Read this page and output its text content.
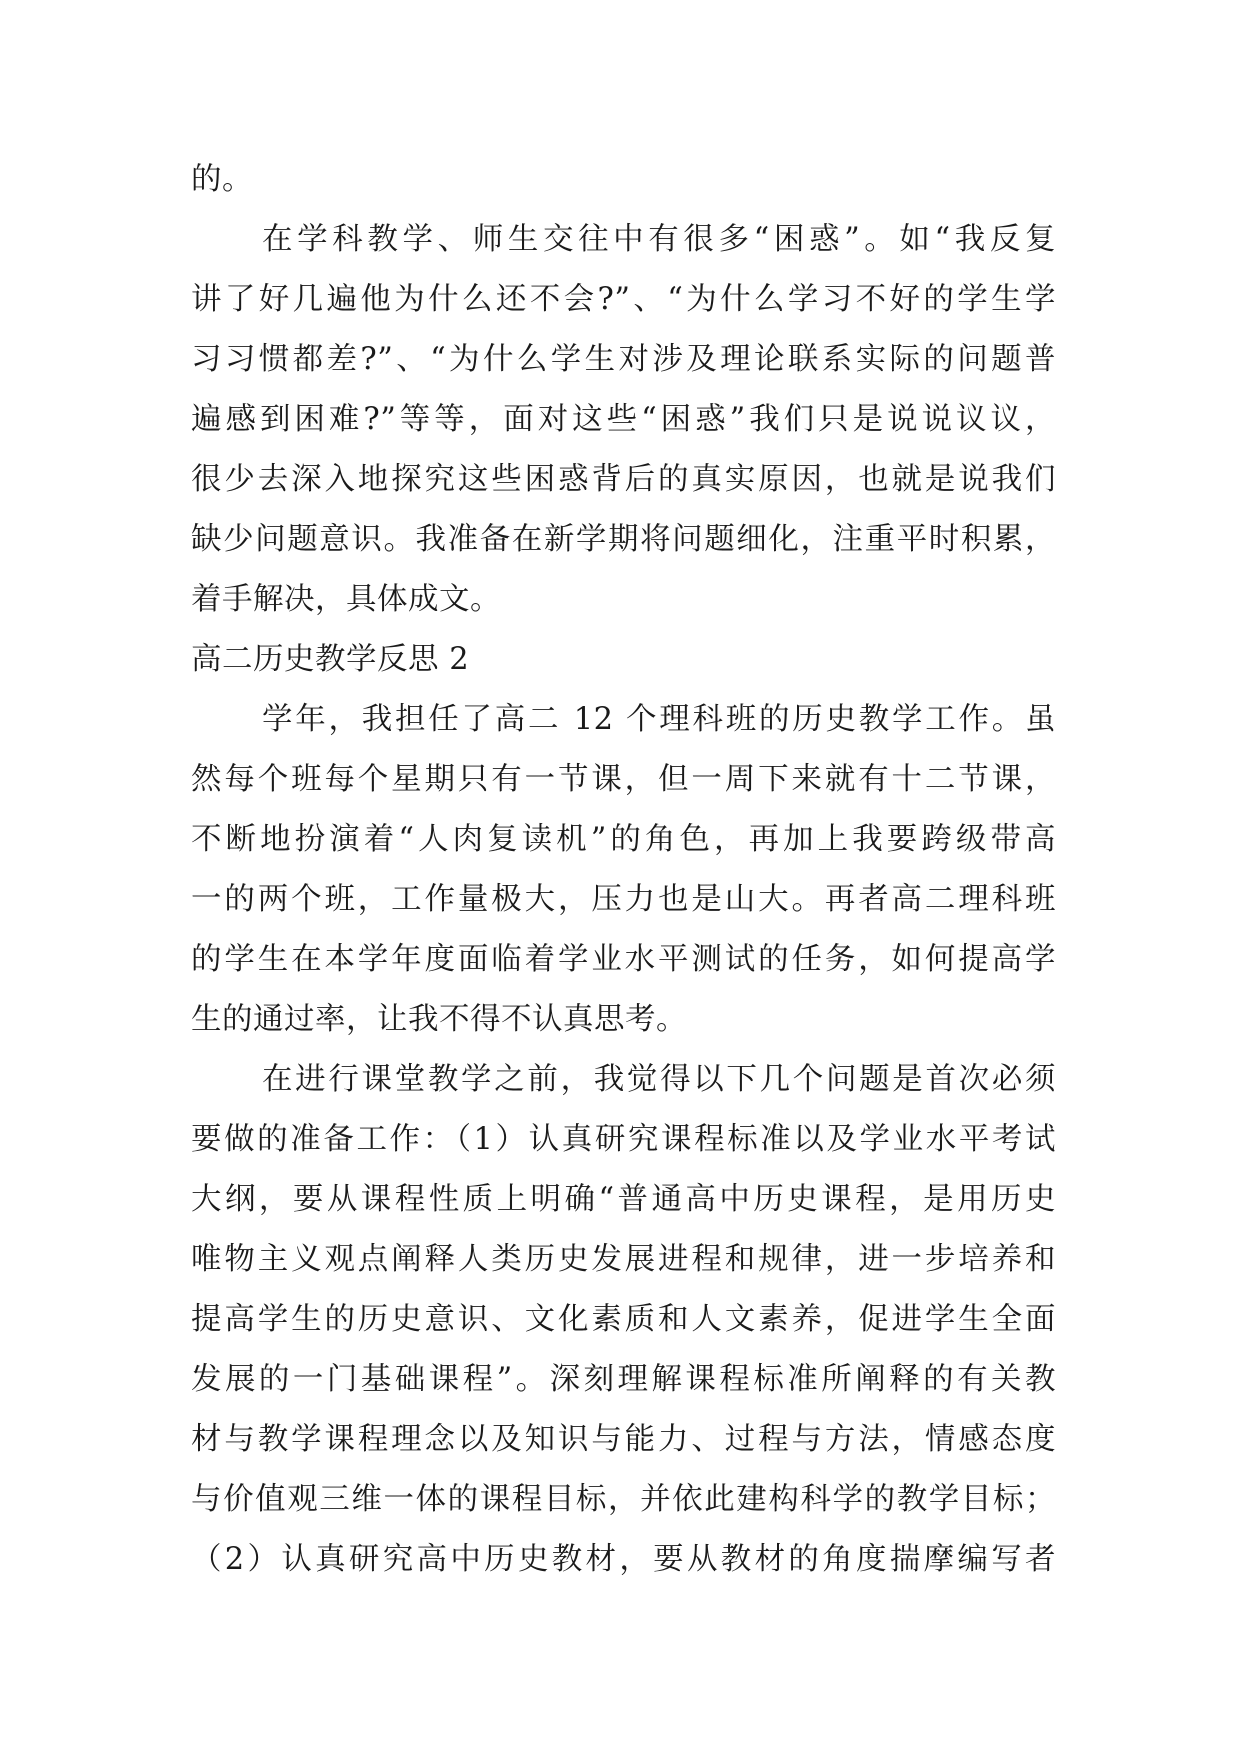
的。
在学科教学、师生交往中有很多“困惑”。如“我反复
讲了好几遍他为什么还不会?”、“为什么学习不好的学生学
习习惯都差?”、“为什么学生对涉及理论联系实际的问题普
遍感到困难?”等等，面对这些“困惑”我们只是说说议议，
很少去深入地探究这些困惑背后的真实原因，也就是说我们
缺少问题意识。我准备在新学期将问题细化，注重平时积累，
着手解决，具体成文。
高二历史教学反思 2
学年，我担任了高二 12 个理科班的历史教学工作。虽
然每个班每个星期只有一节课，但一周下来就有十二节课，
不断地扮演着“人肉复读机”的角色，再加上我要跨级带高
一的两个班，工作量极大，压力也是山大。再者高二理科班
的学生在本学年度面临着学业水平测试的任务，如何提高学
生的通过率，让我不得不认真思考。
在进行课堂教学之前，我觉得以下几个问题是首次必须
要做的准备工作：（1）认真研究课程标准以及学业水平考试
大纲，要从课程性质上明确“普通高中历史课程，是用历史
唯物主义观点阐释人类历史发展进程和规律，进一步培养和
提高学生的历史意识、文化素质和人文素养，促进学生全面
发展的一门基础课程”。深刻理解课程标准所阐释的有关教
材与教学课程理念以及知识与能力、过程与方法，情感态度
与价值观三维一体的课程目标，并依此建构科学的教学目标；
（2）认真研究高中历史教材，要从教材的角度揣摩编写者
